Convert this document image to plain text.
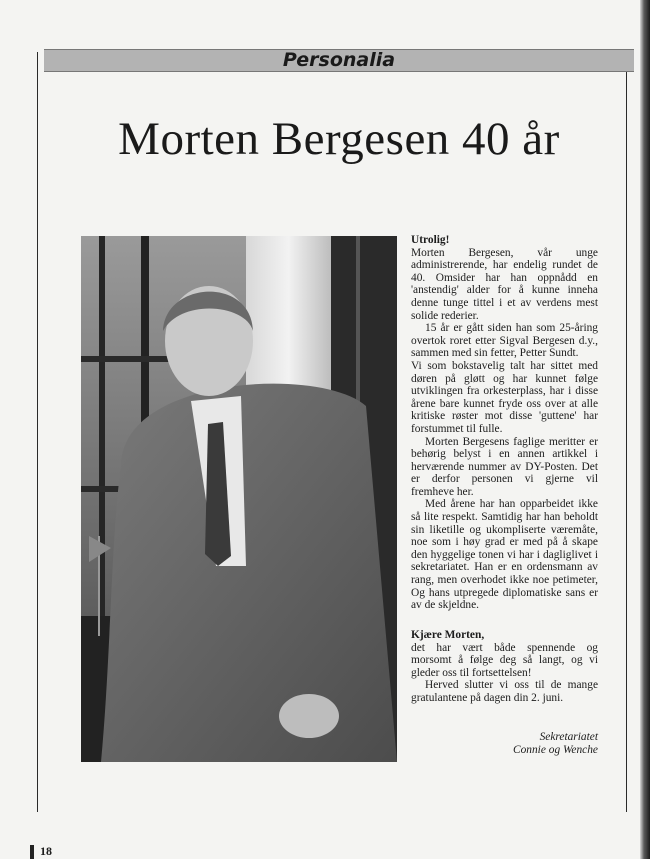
Personalia
Morten Bergesen 40 år

Utrolig!

Morten Bergesen, vår unge administrerende, har endelig rundet de 40. Omsider har han oppnådd en 'anstendig' alder for å kunne inneha denne tunge tittel i et av verdens mest solide rederier.

15 år er gått siden han som 25-åring overtok roret etter Sigval Bergesen d.y., sammen med sin fetter, Petter Sundt.

Vi som bokstavelig talt har sittet med døren på gløtt og har kunnet følge utviklingen fra orkesterplass, har i disse årene bare kunnet fryde oss over at alle kritiske røster mot disse 'guttene' har forstummet til fulle.

Morten Bergesens faglige meritter er behørig belyst i en annen artikkel i herværende nummer av DY-Posten. Det er derfor personen vi gjerne vil fremheve her.

Med årene har han opparbeidet ikke så lite respekt. Samtidig har han beholdt sin liketille og ukompliserte væremåte, noe som i høy grad er med på å skape den hyggelige tonen vi har i dagliglivet i sekretariatet. Han er en ordensmann av rang, men overhodet ikke noe petimeter, Og hans utpregede diplomatiske sans er av de skjeldne.

Kjære Morten,

det har vært både spennende og morsomt å følge deg så langt, og vi gleder oss til fortsettelsen!

Herved slutter vi oss til de mange gratulantene på dagen din 2. juni.

Sekretariatet
Connie og Wenche
18
